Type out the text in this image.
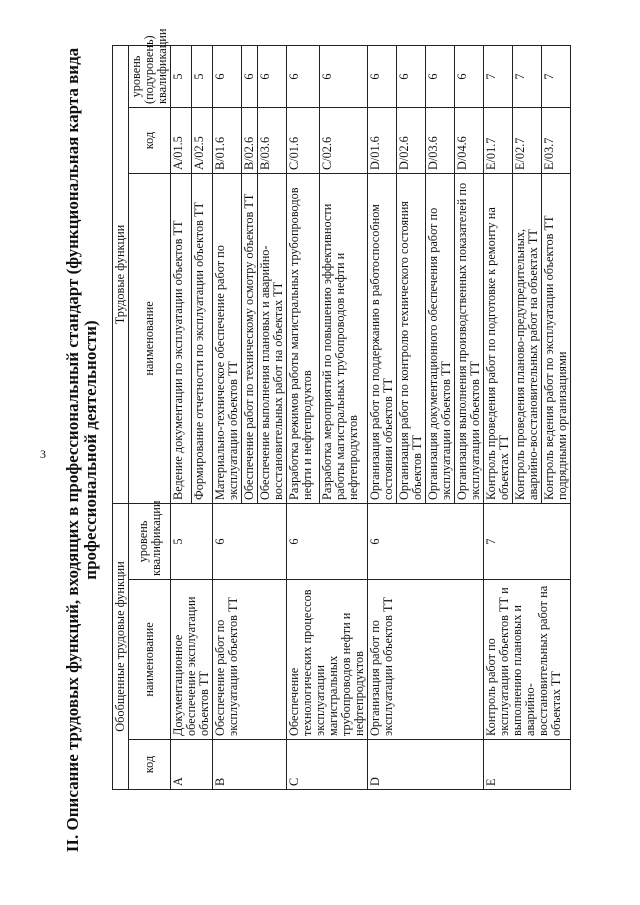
3 II. Описание трудовых функций, входящих в профессиональный стандарт (функциональная карта вида профессиональной деятельности)
Обобщенные трудовые функции			Трудовые функции		
код	наименование	уровень квалификации	наименование	код	уровень (подуровень) квалификации
A	Документационное обеспечение эксплуатации объектов ТТ	5	Ведение документации по эксплуатации объектов ТТ	A/01.5	5
			Формирование отчетности по эксплуатации объектов ТТ	A/02.5	5
B	Обеспечение работ по эксплуатации объектов ТТ	6	Материально-техническое обеспечение работ по эксплуатации объектов ТТ	B/01.6	6
			Обеспечение работ по техническому осмотру объектов ТТ	B/02.6	6
			Обеспечение выполнения плановых и аварийно-восстановительных работ на объектах ТТ	B/03.6	6
C	Обеспечение технологических процессов эксплуатации магистральных трубопроводов нефти и нефтепродуктов	6	Разработка режимов работы магистральных трубопроводов нефти и нефтепродуктов	C/01.6	6
			Разработка мероприятий по повышению эффективности работы магистральных трубопроводов нефти и нефтепродуктов	C/02.6	6
D	Организация работ по эксплуатации объектов ТТ	6	Организация работ по поддержанию в работоспособном состоянии объектов ТТ	D/01.6	6
			Организация работ по контролю технического состояния объектов ТТ	D/02.6	6
			Организация документационного обеспечения работ по эксплуатации объектов ТТ	D/03.6	6
			Организация выполнения производственных показателей по эксплуатации объектов ТТ	D/04.6	6
E	Контроль работ по эксплуатации объектов ТТ и выполнению плановых и аварийно-восстановительных работ на объектах ТТ	7	Контроль проведения работ по подготовке к ремонту на объектах ТТ	E/01.7	7
			Контроль проведения планово-предупредительных, аварийно-восстановительных работ на объектах ТТ	E/02.7	7
			Контроль ведения работ по эксплуатации объектов ТТ подрядными организациями	E/03.7	7
